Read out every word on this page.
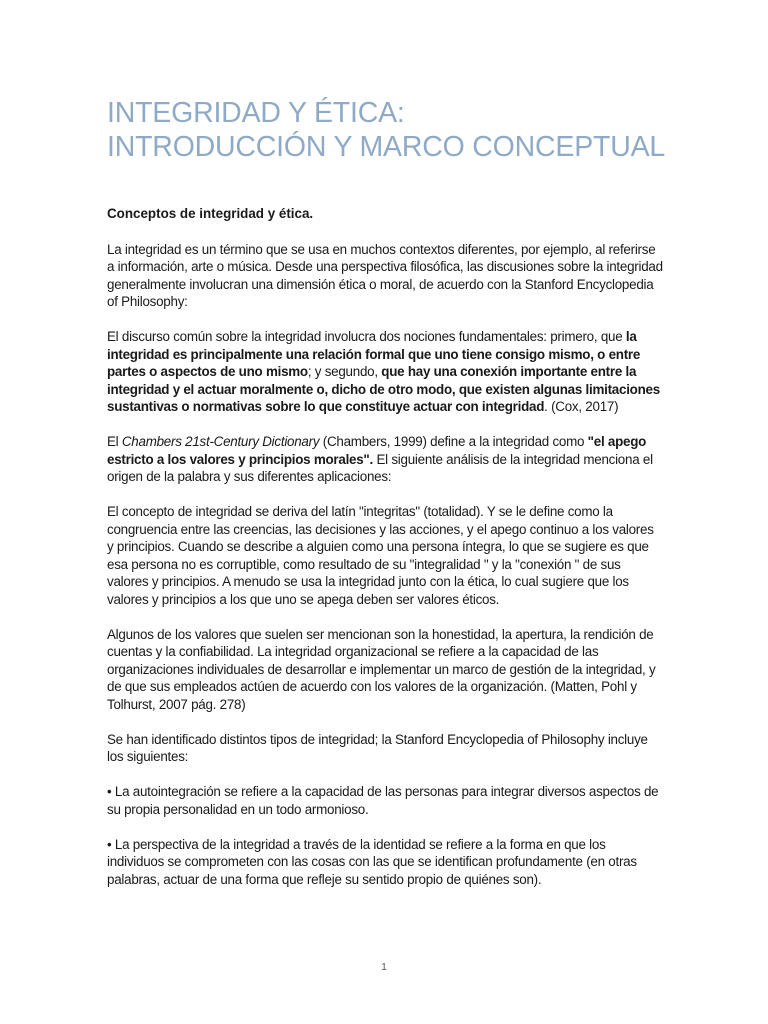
INTEGRIDAD Y ÉTICA:
INTRODUCCIÓN Y MARCO CONCEPTUAL
Conceptos de integridad y ética.

La integridad es un término que se usa en muchos contextos diferentes, por ejemplo, al referirse a información, arte o música. Desde una perspectiva filosófica, las discusiones sobre la integridad generalmente involucran una dimensión ética o moral, de acuerdo con la Stanford Encyclopedia of Philosophy:

El discurso común sobre la integridad involucra dos nociones fundamentales: primero, que la integridad es principalmente una relación formal que uno tiene consigo mismo, o entre partes o aspectos de uno mismo; y segundo, que hay una conexión importante entre la integridad y el actuar moralmente o, dicho de otro modo, que existen algunas limitaciones sustantivas o normativas sobre lo que constituye actuar con integridad. (Cox, 2017)

El Chambers 21st-Century Dictionary (Chambers, 1999) define a la integridad como "el apego estricto a los valores y principios morales". El siguiente análisis de la integridad menciona el origen de la palabra y sus diferentes aplicaciones:

El concepto de integridad se deriva del latín "integritas" (totalidad). Y se le define como la congruencia entre las creencias, las decisiones y las acciones, y el apego continuo a los valores y principios. Cuando se describe a alguien como una persona íntegra, lo que se sugiere es que esa persona no es corruptible, como resultado de su "integralidad " y la "conexión " de sus valores y principios. A menudo se usa la integridad junto con la ética, lo cual sugiere que los valores y principios a los que uno se apega deben ser valores éticos.

Algunos de los valores que suelen ser mencionan son la honestidad, la apertura, la rendición de cuentas y la confiabilidad. La integridad organizacional se refiere a la capacidad de las organizaciones individuales de desarrollar e implementar un marco de gestión de la integridad, y de que sus empleados actúen de acuerdo con los valores de la organización. (Matten, Pohl y Tolhurst, 2007 pág. 278)

Se han identificado distintos tipos de integridad; la Stanford Encyclopedia of Philosophy incluye los siguientes:

• La autointegración se refiere a la capacidad de las personas para integrar diversos aspectos de su propia personalidad en un todo armonioso.

• La perspectiva de la integridad a través de la identidad se refiere a la forma en que los individuos se comprometen con las cosas con las que se identifican profundamente (en otras palabras, actuar de una forma que refleje su sentido propio de quiénes son).

1
